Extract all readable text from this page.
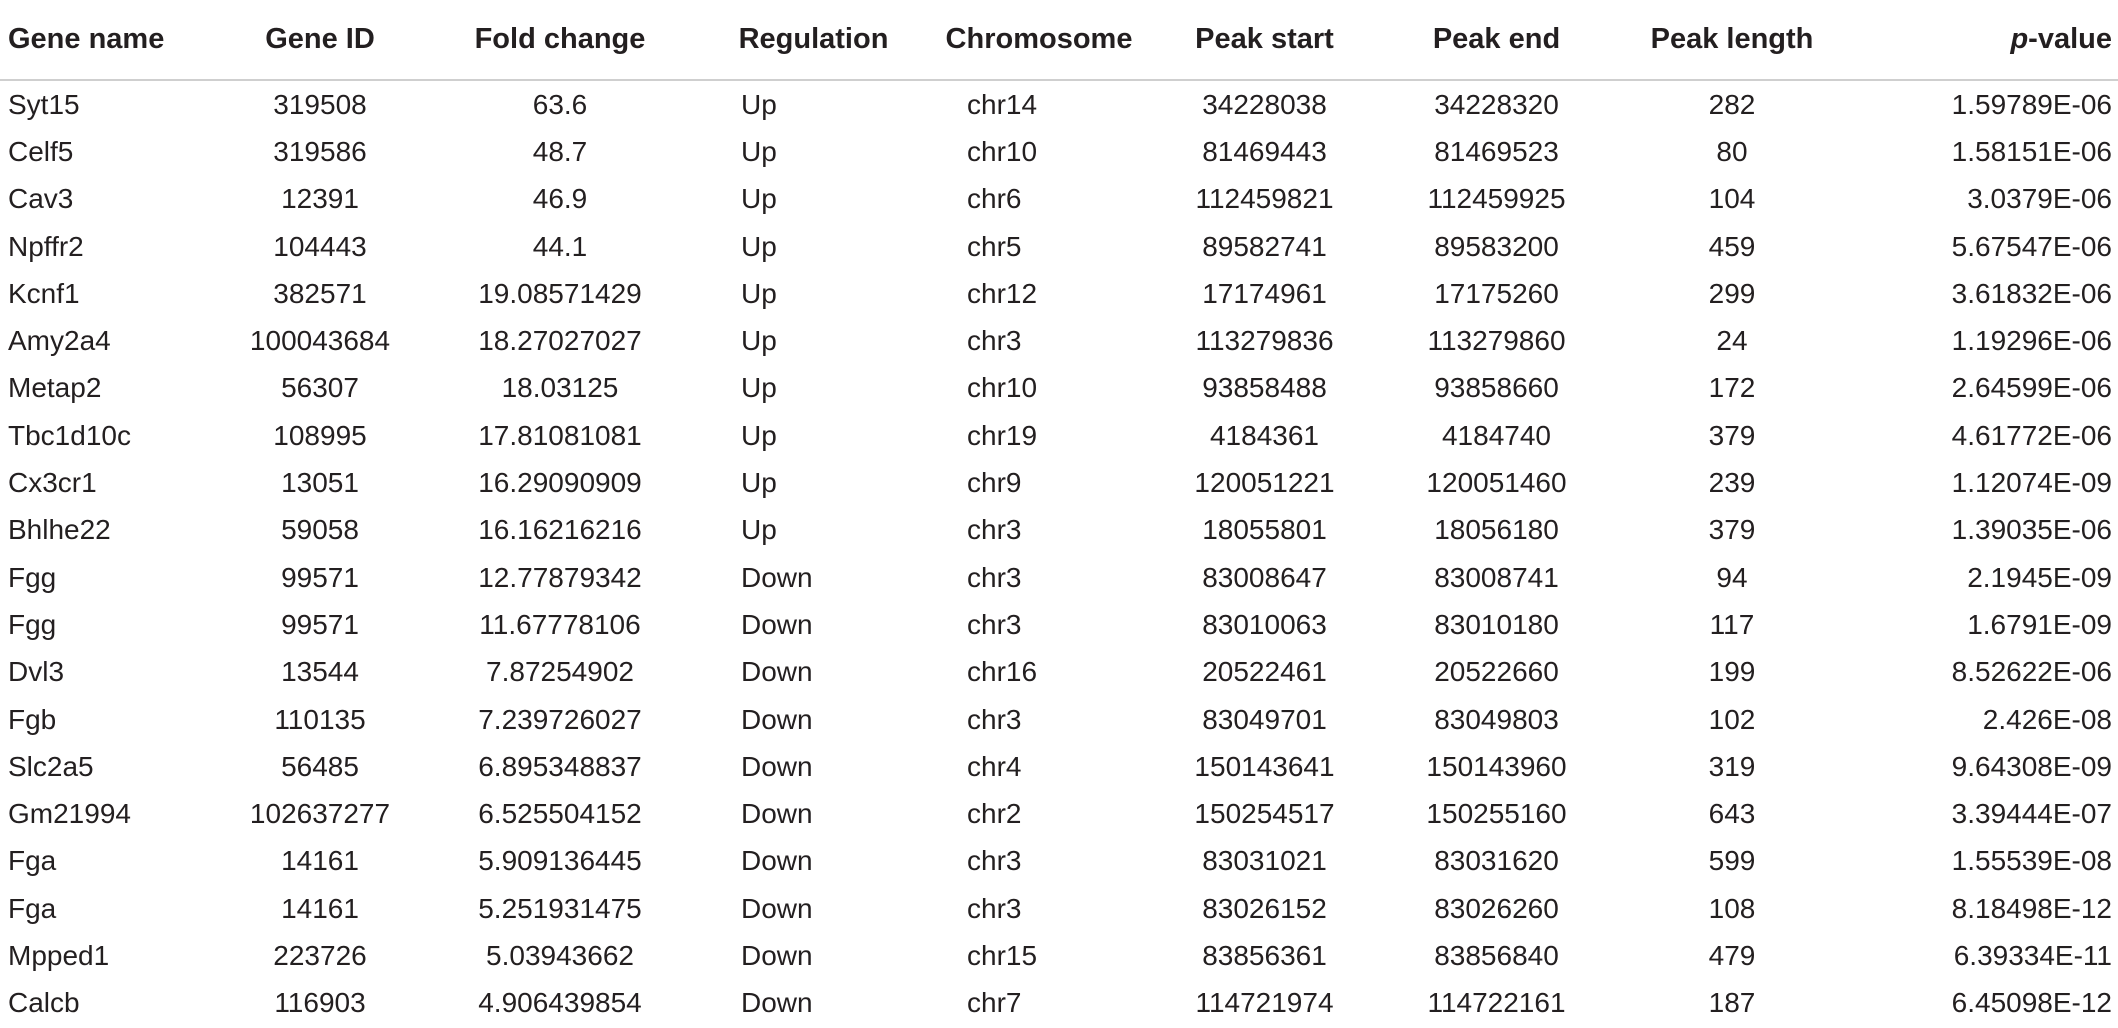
Gene name	Gene ID	Fold change	Regulation	Chromosome	Peak start	Peak end	Peak length	p-value
Syt15	319508	63.6	Up	chr14	34228038	34228320	282	1.59789E-06
Celf5	319586	48.7	Up	chr10	81469443	81469523	80	1.58151E-06
Cav3	12391	46.9	Up	chr6	112459821	112459925	104	3.0379E-06
Npffr2	104443	44.1	Up	chr5	89582741	89583200	459	5.67547E-06
Kcnf1	382571	19.08571429	Up	chr12	17174961	17175260	299	3.61832E-06
Amy2a4	100043684	18.27027027	Up	chr3	113279836	113279860	24	1.19296E-06
Metap2	56307	18.03125	Up	chr10	93858488	93858660	172	2.64599E-06
Tbc1d10c	108995	17.81081081	Up	chr19	4184361	4184740	379	4.61772E-06
Cx3cr1	13051	16.29090909	Up	chr9	120051221	120051460	239	1.12074E-09
Bhlhe22	59058	16.16216216	Up	chr3	18055801	18056180	379	1.39035E-06
Fgg	99571	12.77879342	Down	chr3	83008647	83008741	94	2.1945E-09
Fgg	99571	11.67778106	Down	chr3	83010063	83010180	117	1.6791E-09
Dvl3	13544	7.87254902	Down	chr16	20522461	20522660	199	8.52622E-06
Fgb	110135	7.239726027	Down	chr3	83049701	83049803	102	2.426E-08
Slc2a5	56485	6.895348837	Down	chr4	150143641	150143960	319	9.64308E-09
Gm21994	102637277	6.525504152	Down	chr2	150254517	150255160	643	3.39444E-07
Fga	14161	5.909136445	Down	chr3	83031021	83031620	599	1.55539E-08
Fga	14161	5.251931475	Down	chr3	83026152	83026260	108	8.18498E-12
Mpped1	223726	5.03943662	Down	chr15	83856361	83856840	479	6.39334E-11
Calcb	116903	4.906439854	Down	chr7	114721974	114722161	187	6.45098E-12
